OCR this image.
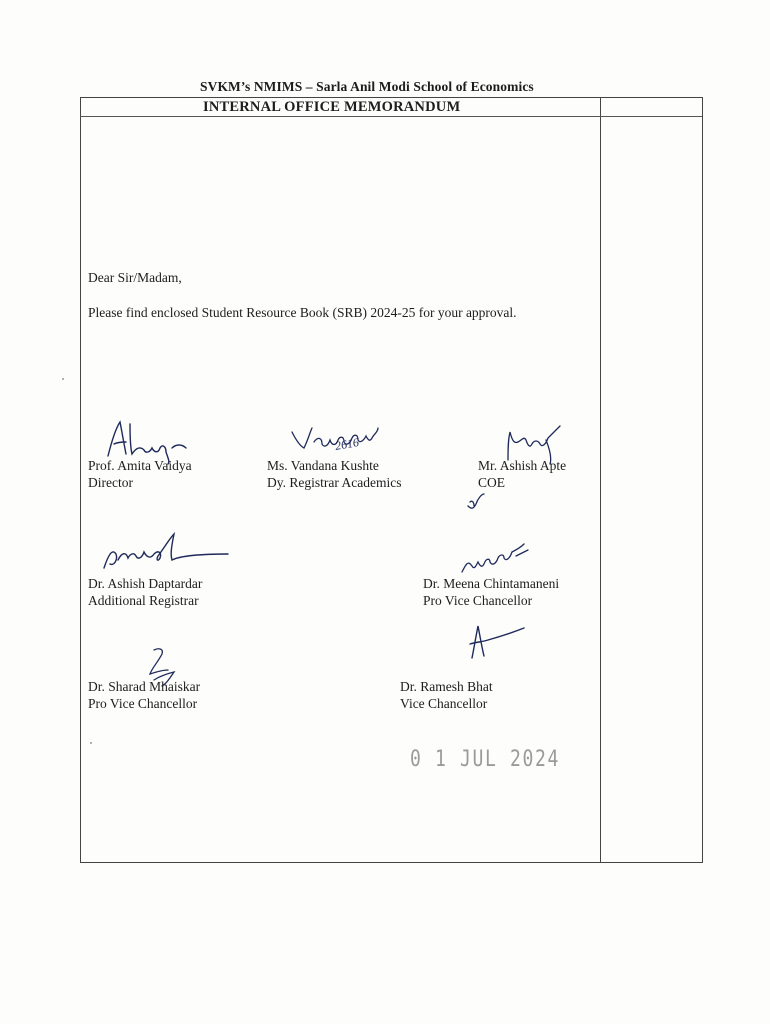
SVKM’s NMIMS – Sarla Anil Modi School of Economics
INTERNAL OFFICE MEMORANDUM
Dear Sir/Madam,
Please find enclosed Student Resource Book (SRB) 2024-25 for your approval.
Prof. Amita Vaidya
Director
2616
Ms. Vandana Kushte
Dy. Registrar Academics
Mr. Ashish Apte
COE
Dr. Ashish Daptardar
Additional Registrar
Dr. Meena Chintamaneni
Pro Vice Chancellor
Dr. Sharad Mhaiskar
Pro Vice Chancellor
Dr. Ramesh Bhat
Vice Chancellor
0 1 JUL 2024
